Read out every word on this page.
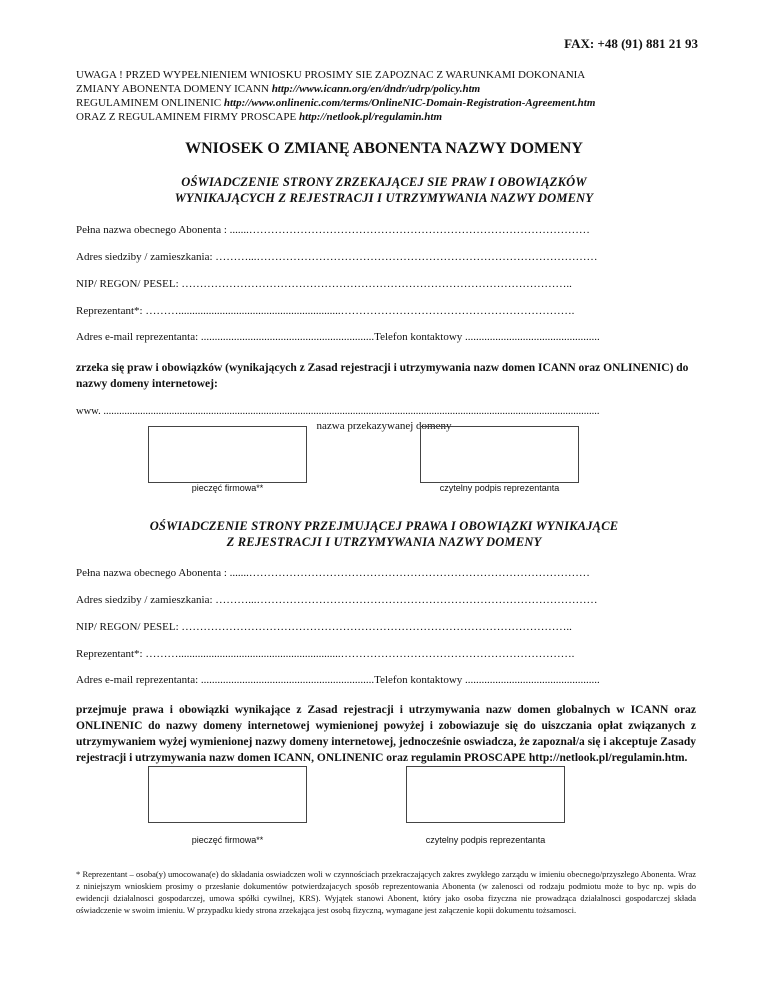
FAX: +48 (91) 881 21 93
UWAGA ! PRZED WYPEŁNIENIEM WNIOSKU PROSIMY SIE ZAPOZNAC Z WARUNKAMI DOKONANIA
ZMIANY ABONENTA DOMENY ICANN http://www.icann.org/en/dndr/udrp/policy.htm
REGULAMINEM ONLINENIC http://www.onlinenic.com/terms/OnlineNIC-Domain-Registration-Agreement.htm
ORAZ Z REGULAMINEM FIRMY PROSCAPE http://netlook.pl/regulamin.htm
WNIOSEK O ZMIANĘ ABONENTA NAZWY DOMENY
OŚWIADCZENIE STRONY ZRZEKAJĄCEJ SIE PRAW I OBOWIĄZKÓW
WYNIKAJĄCYCH Z REJESTRACJI I UTRZYMYWANIA NAZWY DOMENY
Pełna nazwa obecnego Abonenta : .......…………………………………………………………………………………
Adres siedziby / zamieszkania: ………...…………………………………………………………………………………
NIP/ REGON/ PESEL: ……………………………………………………………………………………………..
Reprezentant*: ………...........................................................……………………………………………………….
Adres e-mail reprezentanta: ...............................................................Telefon kontaktowy .................................................
zrzeka się praw i obowiązków (wynikających z Zasad rejestracji i utrzymywania nazw domen ICANN oraz ONLINENIC) do nazwy domeny internetowej:
www. .............................................................................................................................................................................................
nazwa przekazywanej domeny
pieczęć firmowa**	czytelny podpis reprezentanta
OŚWIADCZENIE STRONY PRZEJMUJĄCEJ PRAWA I OBOWIĄZKI WYNIKAJĄCE
Z REJESTRACJI I UTRZYMYWANIA NAZWY DOMENY
Pełna nazwa obecnego Abonenta : .......…………………………………………………………………………………
Adres siedziby / zamieszkania: ………...…………………………………………………………………………………
NIP/ REGON/ PESEL: ……………………………………………………………………………………………..
Reprezentant*: ………...........................................................……………………………………………………….
Adres e-mail reprezentanta: ...............................................................Telefon kontaktowy .................................................
przejmuje prawa i obowiązki wynikające z Zasad rejestracji i utrzymywania nazw domen globalnych w ICANN oraz ONLINENIC do nazwy domeny internetowej wymienionej powyżej i zobowiazuje się do uiszczania opłat związanych z utrzymywaniem wyżej wymienionej nazwy domeny internetowej, jednocześnie oswiadcza, że zapoznał/a się i akceptuje Zasady rejestracji i utrzymywania nazw domen ICANN, ONLINENIC oraz regulamin PROSCAPE http://netlook.pl/regulamin.htm.
pieczęć firmowa**	czytelny podpis reprezentanta
* Reprezentant – osoba(y) umocowana(e) do składania oswiadczen woli w czynnościach przekraczających zakres zwykłego zarządu w imieniu obecnego/przyszłego Abonenta. Wraz z niniejszym wnioskiem prosimy o przesłanie dokumentów potwierdzajacych sposób reprezentowania Abonenta (w zalenosci od rodzaju podmiotu może to byc np. wpis do ewidencji działalnosci gospodarczej, umowa spółki cywilnej, KRS). Wyjątek stanowi Abonent, który jako osoba fizyczna nie prowadząca działalnosci gospodarczej składa oświadczenie w swoim imieniu. W przypadku kiedy strona zrzekająca jest osobą fizyczną, wymagane jest załączenie kopii dokumentu tożsamosci.
